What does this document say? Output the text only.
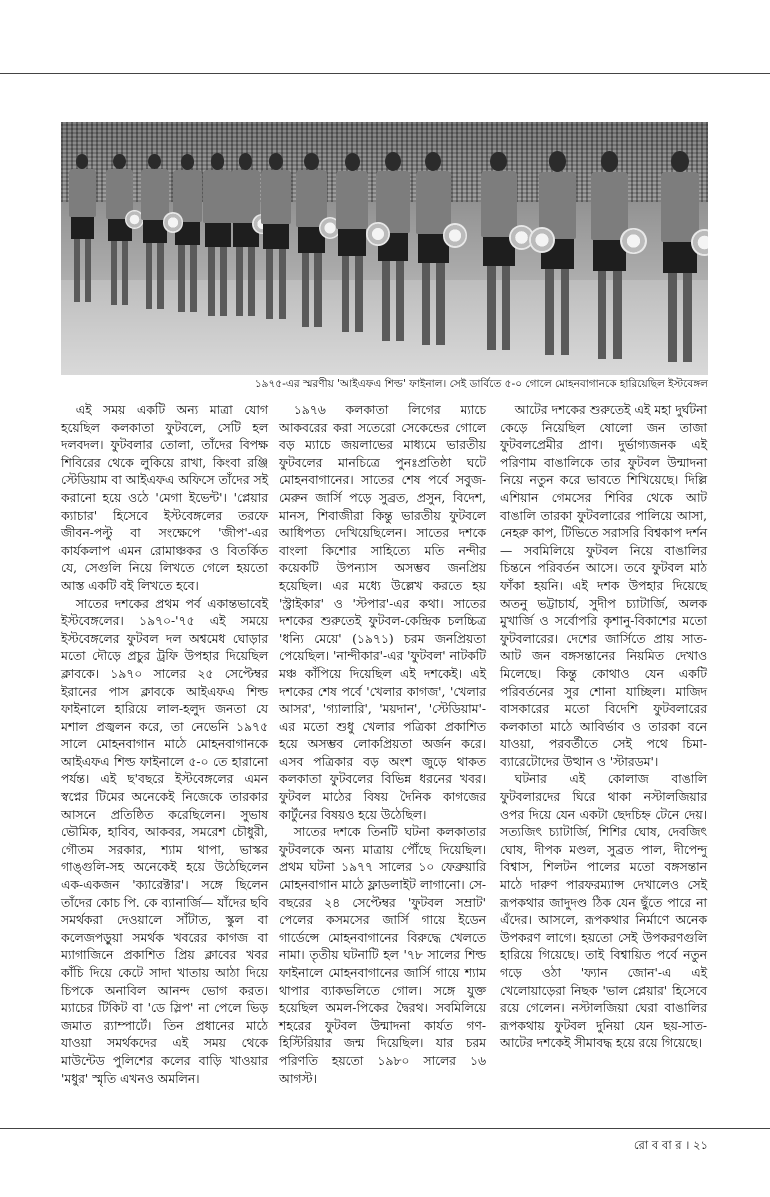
১৯৭৫-এর স্মরণীয় 'আইএফএ শিল্ড' ফাইনাল। সেই ডার্বিতে ৫-০ গোলে মোহনবাগানকে হারিয়েছিল ইস্টবেঙ্গল

এই সময় একটি অন্য মাত্রা যোগ হয়েছিল কলকাতা ফুটবলে, সেটি হল দলবদল। ফুটবলার তোলা, তাঁদের বিপক্ষ শিবিরের থেকে লুকিয়ে রাখা, কিংবা রঞ্জি স্টেডিয়াম বা আইএফএ অফিসে তাঁদের সই করানো হয়ে ওঠে 'মেগা ইভেন্ট'। 'প্লেয়ার ক্যাচার' হিসেবে ইস্টবেঙ্গলের তরফে জীবন-পল্টু বা সংক্ষেপে 'জীপ'-এর কার্যকলাপ এমন রোমাঞ্চকর ও বিতর্কিত যে, সেগুলি নিয়ে লিখতে গেলে হয়তো আস্ত একটি বই লিখতে হবে।

সাতের দশকের প্রথম পর্ব একান্তভাবেই ইস্টবেঙ্গলের। ১৯৭০-'৭৫ এই সময়ে ইস্টবেঙ্গলের ফুটবল দল অশ্বমেধ ঘোড়ার মতো দৌড়ে প্রচুর ট্রফি উপহার দিয়েছিল ক্লাবকে। ১৯৭০ সালের ২৫ সেপ্টেম্বর ইরানের পাস ক্লাবকে আইএফএ শিল্ড ফাইনালে হারিয়ে লাল-হলুদ জনতা যে মশাল প্রজ্বলন করে, তা নেভেনি ১৯৭৫ সালে মোহনবাগান মাঠে মোহনবাগানকে আইএফএ শিল্ড ফাইনালে ৫-০ তে হারানো পর্যন্ত। এই ছ'বছরে ইস্টবেঙ্গলের এমন স্বপ্নের টিমের অনেকেই নিজেকে তারকার আসনে প্রতিষ্ঠিত করেছিলেন। সুভাষ ভৌমিক, হাবিব, আকবর, সমরেশ চৌধুরী, গৌতম সরকার, শ্যাম থাপা, ভাস্কর গাঙ্গুলি-সহ অনেকেই হয়ে উঠেছিলেন এক-একজন 'ক্যারেক্টার'। সঙ্গে ছিলেন তাঁদের কোচ পি. কে ব্যানার্জি— যাঁদের ছবি সমর্থকরা দেওয়ালে সাঁটাত, স্কুল বা কলেজপড়ুয়া সমর্থক খবরের কাগজ বা ম্যাগাজিনে প্রকাশিত প্রিয় ক্লাবের খবর কাঁচি দিয়ে কেটে সাদা খাতায় আঠা দিয়ে চিপকে অনাবিল আনন্দ ভোগ করত। ম্যাচের টিকিট বা 'ডে স্লিপ' না পেলে ভিড় জমাত র‍্যাম্পার্টে। তিন প্রধানের মাঠে যাওয়া সমর্থকদের এই সময় থেকে মাউন্টেড পুলিশের কলের বাড়ি খাওয়ার 'মধুর' স্মৃতি এখনও অমলিন।

১৯৭৬ কলকাতা লিগের ম্যাচে আকবরের করা সতেরো সেকেন্ডের গোলে বড় ম্যাচে জয়লাভের মাধ্যমে ভারতীয় ফুটবলের মানচিত্রে পুনঃপ্রতিষ্ঠা ঘটে মোহনবাগানের। সাতের শেষ পর্বে সবুজ-মেরুন জার্সি পড়ে সুব্রত, প্রসুন, বিদেশ, মানস, শিবাজীরা কিন্তু ভারতীয় ফুটবলে আধিপত্য দেখিয়েছিলেন। সাতের দশকে বাংলা কিশোর সাহিত্যে মতি নন্দীর কয়েকটি উপন্যাস অসম্ভব জনপ্রিয় হয়েছিল। এর মধ্যে উল্লেখ করতে হয় 'স্ট্রাইকার' ও 'স্টপার'-এর কথা। সাতের দশকের শুরুতেই ফুটবল-কেন্দ্রিক চলচ্চিত্র 'ধন্যি মেয়ে' (১৯৭১) চরম জনপ্রিয়তা পেয়েছিল। 'নান্দীকার'-এর 'ফুটবল' নাটকটি মঞ্চ কাঁপিয়ে দিয়েছিল এই দশকেই। এই দশকের শেষ পর্বে 'খেলার কাগজ', 'খেলার আসর', 'গ্যালারি', 'ময়দান', 'স্টেডিয়াম'-এর মতো শুধু খেলার পত্রিকা প্রকাশিত হয়ে অসম্ভব লোকপ্রিয়তা অর্জন করে। এসব পত্রিকার বড় অংশ জুড়ে থাকত কলকাতা ফুটবলের বিভিন্ন ধরনের খবর। ফুটবল মাঠের বিষয় দৈনিক কাগজের কার্টুনের বিষয়ও হয়ে উঠেছিল।

সাতের দশকে তিনটি ঘটনা কলকাতার ফুটবলকে অন্য মাত্রায় পৌঁছে দিয়েছিল। প্রথম ঘটনা ১৯৭৭ সালের ১০ ফেব্রুয়ারি মোহনবাগান মাঠে ফ্লাডলাইট লাগানো। সে-বছরের ২৪ সেপ্টেম্বর 'ফুটবল সম্রাট' পেলের কসমসের জার্সি গায়ে ইডেন গার্ডেন্সে মোহনবাগানের বিরুদ্ধে খেলতে নামা। তৃতীয় ঘটনাটি হল '৭৮ সালের শিল্ড ফাইনালে মোহনবাগানের জার্সি গায়ে শ্যাম থাপার ব্যাকভলিতে গোল। সঙ্গে যুক্ত হয়েছিল অমল-পিকের দ্বৈরথ। সবমিলিয়ে শহরের ফুটবল উন্মাদনা কার্যত গণ-হিস্টিরিয়ার জন্ম দিয়েছিল। যার চরম পরিণতি হয়তো ১৯৮০ সালের ১৬ আগস্ট।

আটের দশকের শুরুতেই এই মহা দুর্ঘটনা কেড়ে নিয়েছিল ষোলো জন তাজা ফুটবলপ্রেমীর প্রাণ। দুর্ভাগ্যজনক এই পরিণাম বাঙালিকে তার ফুটবল উন্মাদনা নিয়ে নতুন করে ভাবতে শিখিয়েছে। দিল্লি এশিয়ান গেমসের শিবির থেকে আট বাঙালি তারকা ফুটবলারের পালিয়ে আসা, নেহরু কাপ, টিভিতে সরাসরি বিশ্বকাপ দর্শন— সবমিলিয়ে ফুটবল নিয়ে বাঙালির চিন্তনে পরিবর্তন আসে। তবে ফুটবল মাঠ ফাঁকা হয়নি। এই দশক উপহার দিয়েছে অতনু ভট্টাচার্য, সুদীপ চ্যাটার্জি, অলক মুখার্জি ও সর্বোপরি কৃশানু-বিকাশের মতো ফুটবলারের। দেশের জার্সিতে প্রায় সাত-আট জন বঙ্গসন্তানের নিয়মিত দেখাও মিলেছে। কিন্তু কোথাও যেন একটি পরিবর্তনের সুর শোনা যাচ্ছিল। মাজিদ বাসকারের মতো বিদেশি ফুটবলারের কলকাতা মাঠে আবির্ভাব ও তারকা বনে যাওয়া, পরবর্তীতে সেই পথে চিমা-ব্যারেটোদের উত্থান ও 'স্টারডম'।

ঘটনার এই কোলাজ বাঙালি ফুটবলারদের ঘিরে থাকা নস্টালজিয়ার ওপর দিয়ে যেন একটা ছেদচিহ্ন টেনে দেয়। সত্যজিৎ চ্যাটার্জি, শিশির ঘোষ, দেবজিৎ ঘোষ, দীপক মণ্ডল, সুব্রত পাল, দীপেন্দু বিশ্বাস, শিলটন পালের মতো বঙ্গসন্তান মাঠে দারুণ পারফরম্যান্স দেখালেও সেই রূপকথার জাদুদণ্ড ঠিক যেন ছুঁতে পারে না এঁদের। আসলে, রূপকথার নির্মাণে অনেক উপকরণ লাগে। হয়তো সেই উপকরণগুলি হারিয়ে গিয়েছে। তাই বিশ্বায়িত পর্বে নতুন গড়ে ওঠা 'ফ্যান জোন'-এ এই খেলোয়াড়েরা নিছক 'ভাল প্লেয়ার' হিসেবে রয়ে গেলেন। নস্টালজিয়া ঘেরা বাঙালির রূপকথায় ফুটবল দুনিয়া যেন ছয়-সাত-আটের দশকেই সীমাবদ্ধ হয়ে রয়ে গিয়েছে।

রো ব বা র । ২১
